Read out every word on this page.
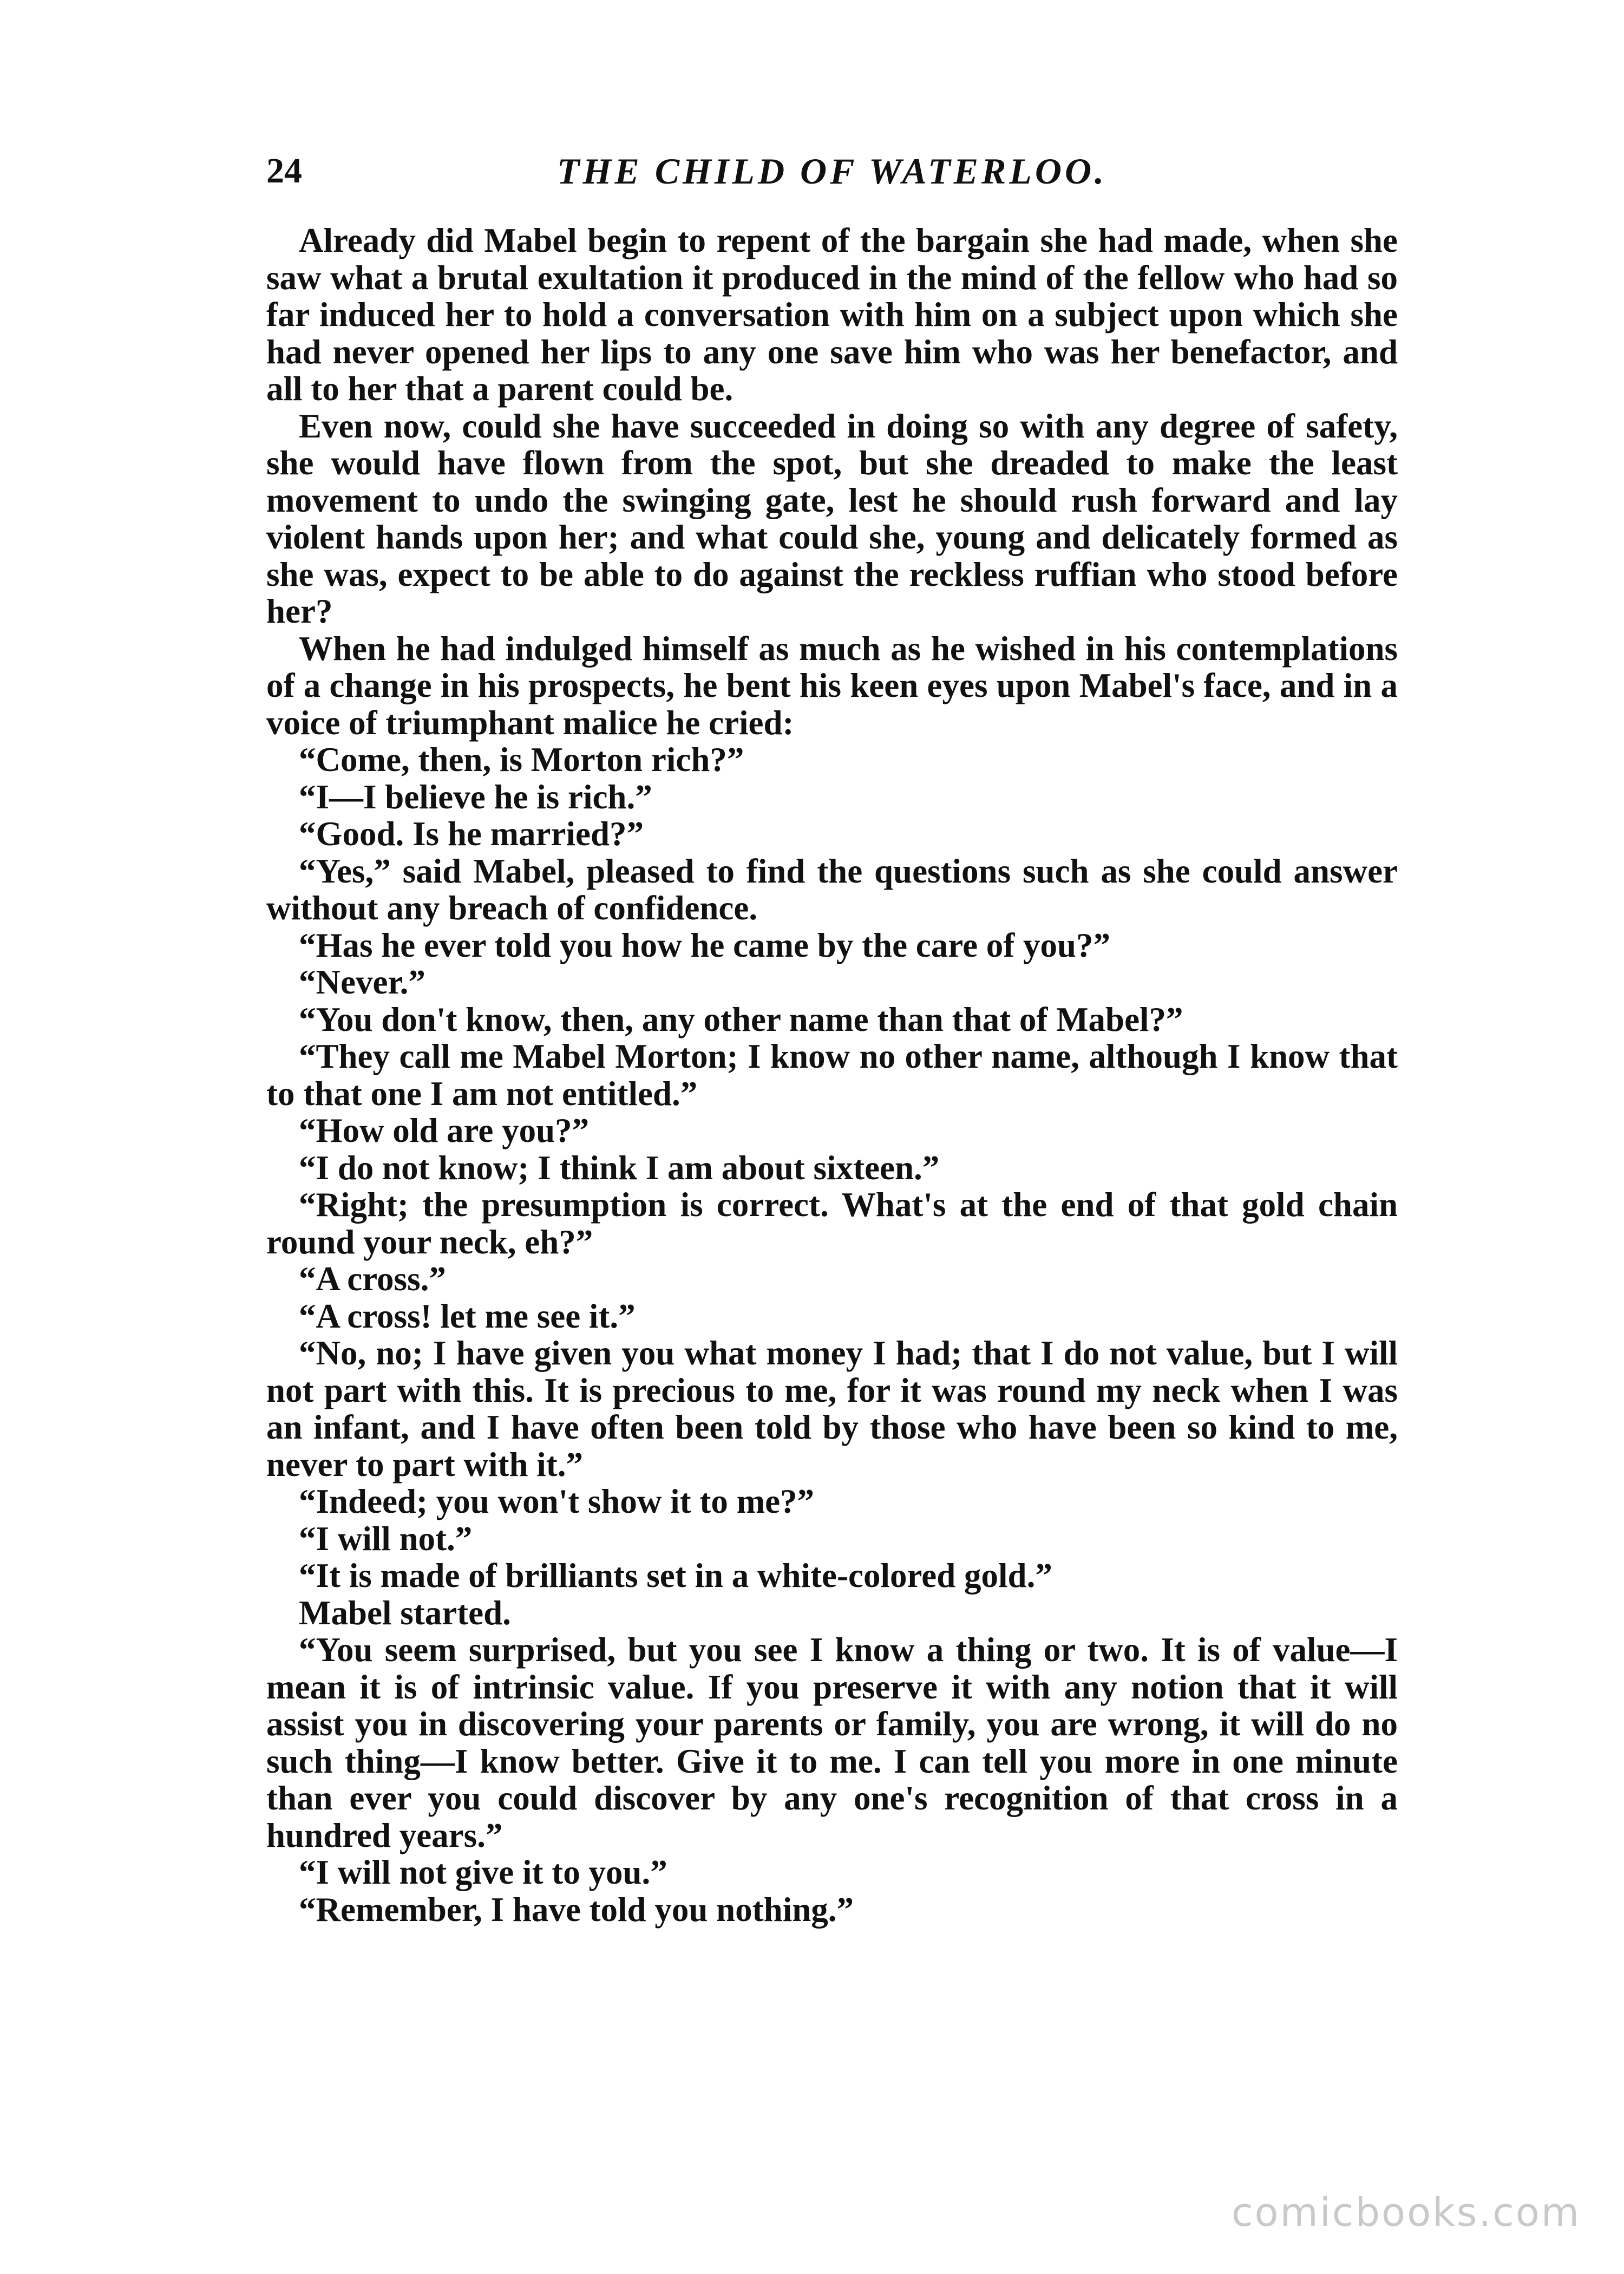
24	THE CHILD OF WATERLOO.

Already did Mabel begin to repent of the bargain she had made, when she saw what a brutal exultation it produced in the mind of the fellow who had so far induced her to hold a conversation with him on a subject upon which she had never opened her lips to any one save him who was her benefactor, and all to her that a parent could be.

Even now, could she have succeeded in doing so with any degree of safety, she would have flown from the spot, but she dreaded to make the least movement to undo the swinging gate, lest he should rush forward and lay violent hands upon her; and what could she, young and delicately formed as she was, expect to be able to do against the reckless ruffian who stood before her?

When he had indulged himself as much as he wished in his contemplations of a change in his prospects, he bent his keen eyes upon Mabel's face, and in a voice of triumphant malice he cried:

“Come, then, is Morton rich?”

“I—I believe he is rich.”

“Good. Is he married?”

“Yes,” said Mabel, pleased to find the questions such as she could answer without any breach of confidence.

“Has he ever told you how he came by the care of you?”

“Never.”

“You don't know, then, any other name than that of Mabel?”

“They call me Mabel Morton; I know no other name, although I know that to that one I am not entitled.”

“How old are you?”

“I do not know; I think I am about sixteen.”

“Right; the presumption is correct. What's at the end of that gold chain round your neck, eh?”

“A cross.”

“A cross! let me see it.”

“No, no; I have given you what money I had; that I do not value, but I will not part with this. It is precious to me, for it was round my neck when I was an infant, and I have often been told by those who have been so kind to me, never to part with it.”

“Indeed; you won't show it to me?”

“I will not.”

“It is made of brilliants set in a white-colored gold.”

Mabel started.

“You seem surprised, but you see I know a thing or two. It is of value—I mean it is of intrinsic value. If you preserve it with any notion that it will assist you in discovering your parents or family, you are wrong, it will do no such thing—I know better. Give it to me. I can tell you more in one minute than ever you could discover by any one's recognition of that cross in a hundred years.”

“I will not give it to you.”

“Remember, I have told you nothing.”

comicbooks.com
